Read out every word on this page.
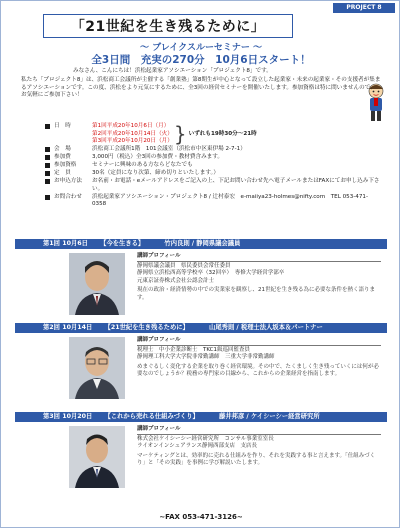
PROJECT 8
「21世紀を生き残るために」
～ ブレイクスルーセミナー ～
全3日間　充実の270分　10月6日スタート！
みなさん、こんにちは！浜松起業家アソシエーション「プロジェクト8」です。
私たち「プロジェクト8」は、浜松商工会議所が主催する「創業塾」第8期生が中心となって設立した起業家・未来の起業家・その支援者が集まるアソシエーションです。この度、浜松をより元気にするために、全3回の経営セミナーを開催いたします。参加資格は特に問いませんので、お気軽にご参加下さい！
日　時	第1回平成20年10月6日（月）
第2回平成20年10月14日（火）
第3回平成20年10月20日（月） } いずれも19時30分～21時
会　場	浜松商工会議所1階　101会議室（浜松市中区東伊場 2-7-1）
参加費	3,000円（税込）全3回の参加費・教材費含みます。
参加資格	セミナーに興味のある方ならどなたでも
定　員	30名（定員になり次第、締め切りといたします。）
お申込方法	お名前・お電話・eメールアドレスをご記入の上、下記お問い合わせ先へ電子メールまたはFAXにてお申し込み下さい。
お問合わせ	浜松起業家アソシエーション・プロジェクト8 / 辻村泰宏　e-maiiya23-holmes@nifty.com　TEL 053-471-0358
第1回 10月6日 【今を生きる】	竹内良則 / 静岡県議会議員
講師プロフィール
静岡県議会議員　県民委員会常任委員
静岡県立浜松西高等学校卒（32回卒）　専修大学経営学部卒
元東京証券株式会社公認会計士
現在の政治・経済情勢の中での実業家を観察し、21世紀を生き残る為に必要な条件を熱く語ります。
第2回 10月14日 【21世紀を生き残るために】	山尾秀則 / 税理士法人坂本＆パートナー
講師プロフィール
税理士　中小企業診断士　TKC1級巡回監査員
静岡理工科大学大学院非常勤講師　三重大学非常勤講師
めまぐるしく変化する企業を取り巻く経営環境。その中で、たくましく生き残っていくには何が必要なのでしょうか？税務の専門家の目線から、これからの企業経営を指南します。
第3回 10月20日 【これから売れる仕組みづくり】	藤井邦彦 / ケイシーシー経営研究所
講師プロフィール
株式会社ケイシーシー経営研究所　コンサル事業室室長
ライオンインシュアランス静岡西部支店　支店長
マーケティングとは、効率的に売れる仕組みを作り、それを実践する事と言えます。「仕組みづくり」と「その実践」を事例に学び解説いたします。
~FAX 053-471-3126~
